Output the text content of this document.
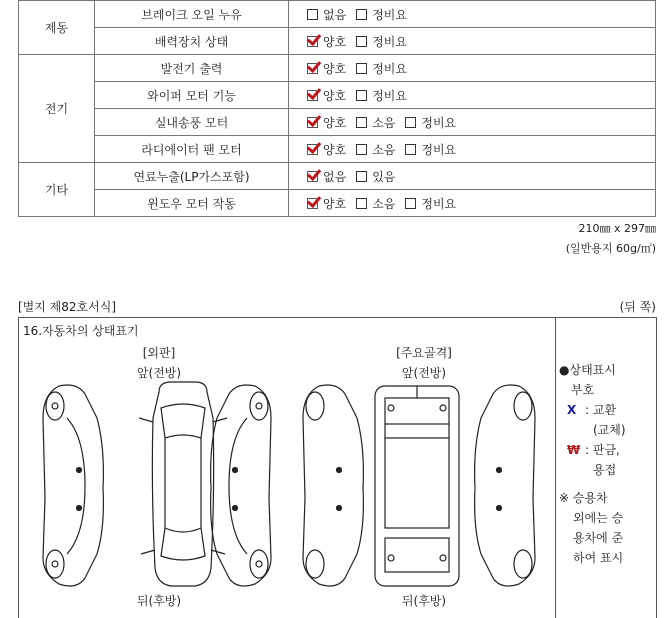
제동	브레이크 오일 누유	없음 정비요

	배력장치 상태	양호 정비요

전기	발전기 출력	양호 정비요

	와이퍼 모터 기능	양호 정비요

	실내송풍 모터	양호 소음 정비요

	라디에이터 팬 모터	양호 소음 정비요

기타	연료누출(LP가스포함)	없음 있음

	윈도우 모터 작동	양호 소음 정비요
210㎜ x 297㎜
(일반용지 60g/㎡)
[별지 제82호서식]	(뒤 쪽)
16.자동차의 상태표기
[외판]
앞(전방)
[주요골격]
앞(전방)
뒤(후방)	뒤(후방)
●상태표시
부호
X : 교환
(교체)
₩ : 판금,
용접
※ 승용차
외에는 승
용차에 준
하여 표시
